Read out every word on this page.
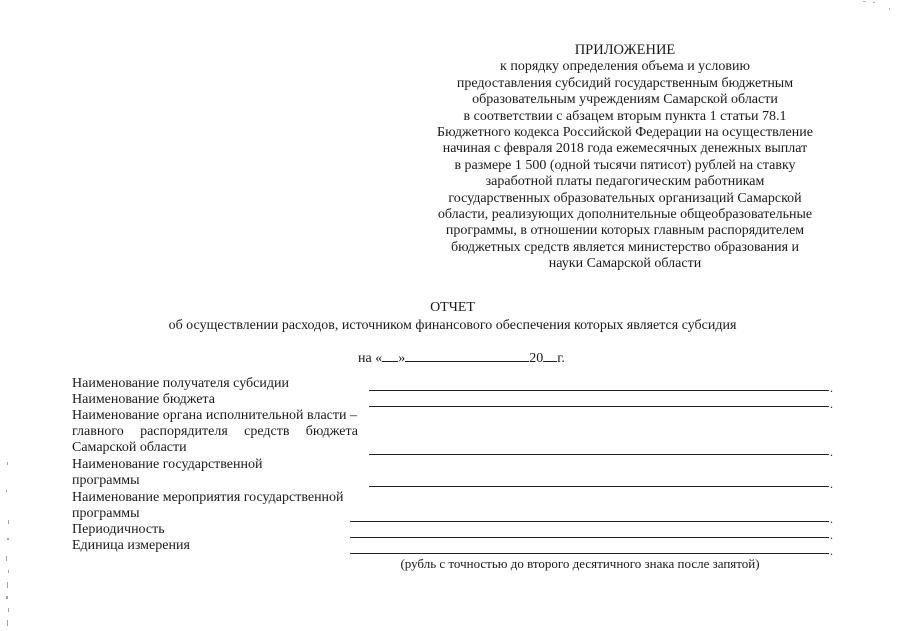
ПРИЛОЖЕНИЕ
к порядку определения объема и условию
предоставления субсидий государственным бюджетным
образовательным учреждениям Самарской области
в соответствии с абзацем вторым пункта 1 статьи 78.1
Бюджетного кодекса Российской Федерации на осуществление
начиная с февраля 2018 года ежемесячных денежных выплат
в размере 1 500 (одной тысячи пятисот) рублей на ставку
заработной платы педагогическим работникам
государственных образовательных организаций Самарской
области, реализующих дополнительные общеобразовательные
программы, в отношении которых главным распорядителем
бюджетных средств является министерство образования и
науки Самарской области
ОТЧЕТ
об осуществлении расходов, источником финансового обеспечения которых является субсидия
на « »	20 г.
Наименование получателя субсидии
Наименование бюджета
Наименование органа исполнительной власти –
главного распорядителя средств бюджета
Самарской области
Наименование государственной
программы
Наименование мероприятия государственной
программы
Периодичность
Единица измерения
.
.
.
.
.
.
.
(рубль с точностью до второго десятичного знака после запятой)
